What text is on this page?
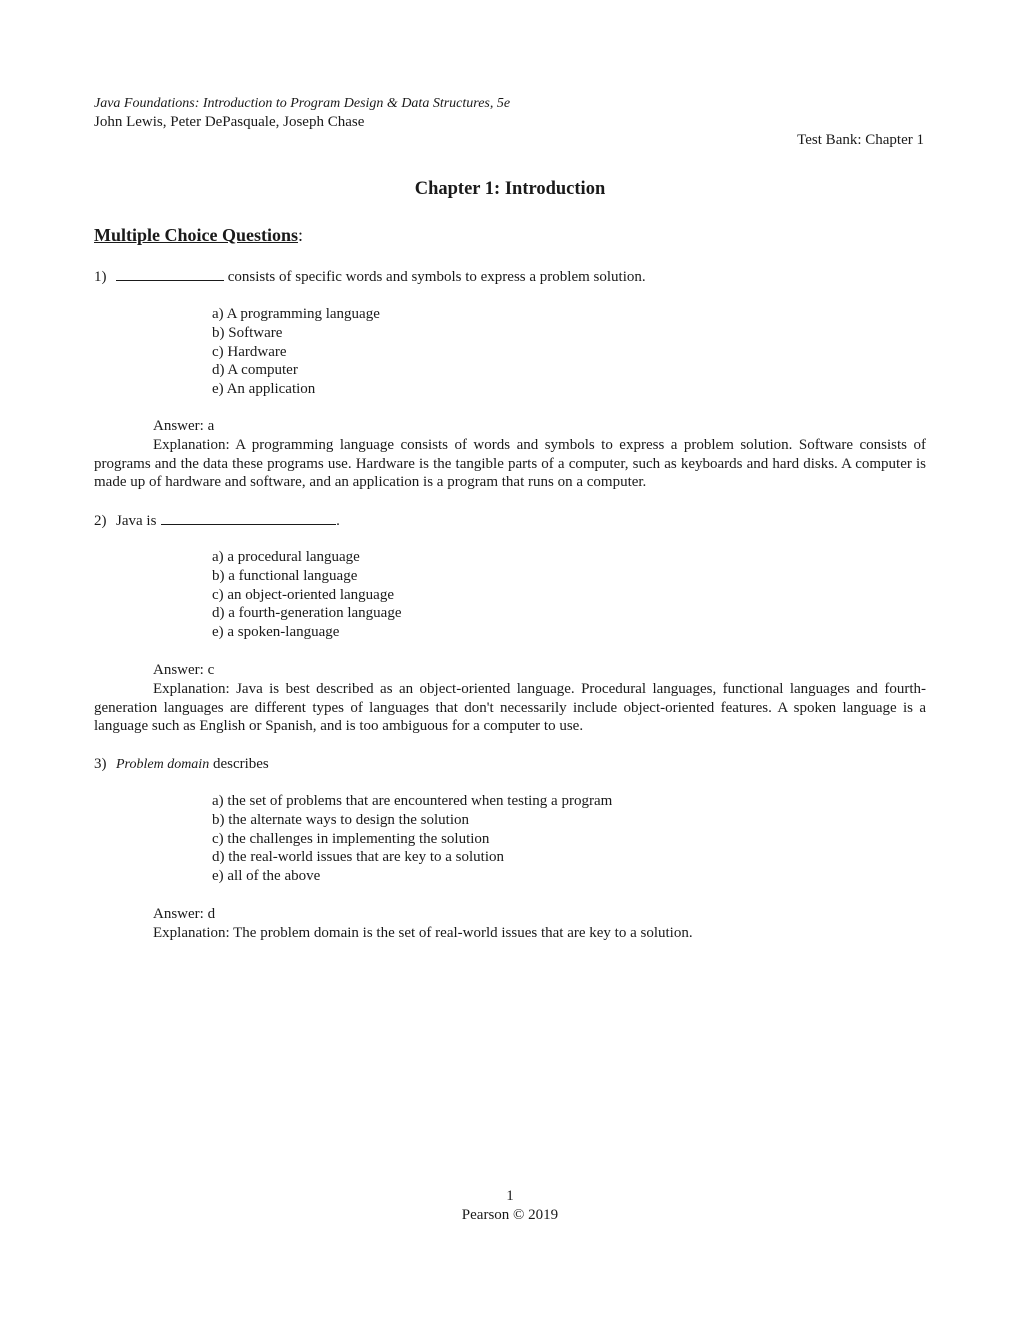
Java Foundations: Introduction to Program Design & Data Structures, 5e
John Lewis, Peter DePasquale, Joseph Chase
Test Bank: Chapter 1
Chapter 1: Introduction
Multiple Choice Questions:
1)	consists of specific words and symbols to express a problem solution.
a) A programming language
b) Software
c) Hardware
d) A computer
e) An application
Answer: a
Explanation: A programming language consists of words and symbols to express a problem solution. Software consists of programs and the data these programs use. Hardware is the tangible parts of a computer, such as keyboards and hard disks. A computer is made up of hardware and software, and an application is a program that runs on a computer.
2) Java is	.
a) a procedural language
b) a functional language
c) an object-oriented language
d) a fourth-generation language
e) a spoken-language
Answer: c
Explanation: Java is best described as an object-oriented language. Procedural languages, functional languages and fourth-generation languages are different types of languages that don't necessarily include object-oriented features. A spoken language is a language such as English or Spanish, and is too ambiguous for a computer to use.
3) Problem domain describes
a) the set of problems that are encountered when testing a program
b) the alternate ways to design the solution
c) the challenges in implementing the solution
d) the real-world issues that are key to a solution
e) all of the above
Answer: d
Explanation: The problem domain is the set of real-world issues that are key to a solution.
1
Pearson © 2019
